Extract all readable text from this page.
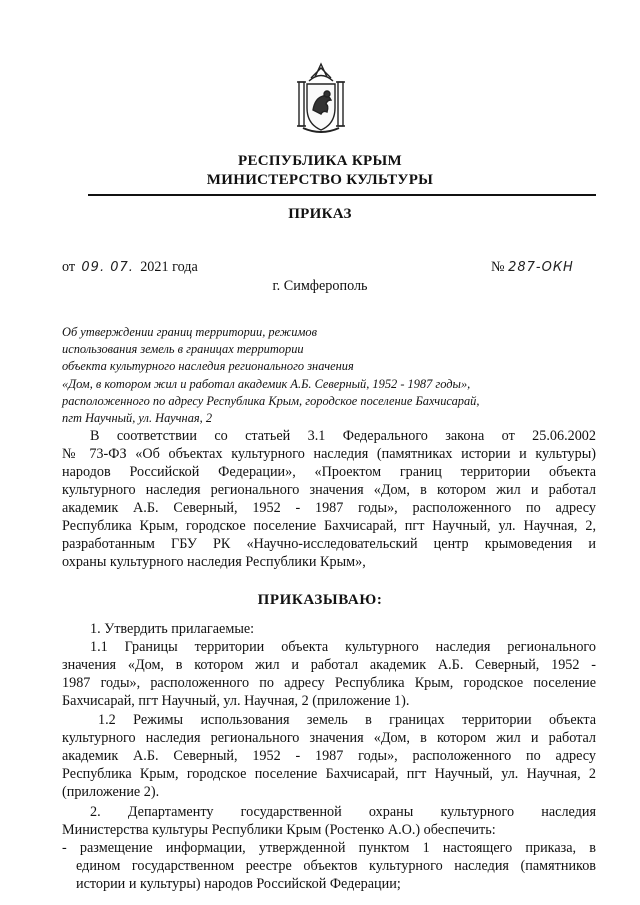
РЕСПУБЛИКА КРЫМ
МИНИСТЕРСТВО КУЛЬТУРЫ
ПРИКАЗ
от 09. 07. 2021 года	№ 287-ОКН
г. Симферополь
Об утверждении границ территории, режимов
использования земель в границах территории
объекта культурного наследия регионального значения
«Дом, в котором жил и работал академик А.Б. Северный, 1952 - 1987 годы»,
расположенного по адресу Республика Крым, городское поселение Бахчисарай,
пгт Научный, ул. Научная, 2
В соответствии со статьей 3.1 Федерального закона от 25.06.2002
№ 73-ФЗ «Об объектах культурного наследия (памятниках истории и культуры)
народов Российской Федерации», «Проектом границ территории объекта
культурного наследия регионального значения «Дом, в котором жил и работал
академик А.Б. Северный, 1952 - 1987 годы», расположенного по адресу
Республика Крым, городское поселение Бахчисарай, пгт Научный, ул. Научная, 2,
разработанным ГБУ РК «Научно-исследовательский центр крымоведения и
охраны культурного наследия Республики Крым»,
ПРИКАЗЫВАЮ:
1. Утвердить прилагаемые:
1.1 Границы территории объекта культурного наследия регионального
значения «Дом, в котором жил и работал академик А.Б. Северный, 1952 -
1987 годы», расположенного по адресу Республика Крым, городское поселение
Бахчисарай, пгт Научный, ул. Научная, 2 (приложение 1).
1.2 Режимы использования земель в границах территории объекта
культурного наследия регионального значения «Дом, в котором жил и работал
академик А.Б. Северный, 1952 - 1987 годы», расположенного по адресу
Республика Крым, городское поселение Бахчисарай, пгт Научный, ул. Научная, 2
(приложение 2).
2. Департаменту государственной охраны культурного наследия
Министерства культуры Республики Крым (Ростенко А.О.) обеспечить:
- размещение информации, утвержденной пунктом 1 настоящего приказа, в
едином государственном реестре объектов культурного наследия (памятников
истории и культуры) народов Российской Федерации;
